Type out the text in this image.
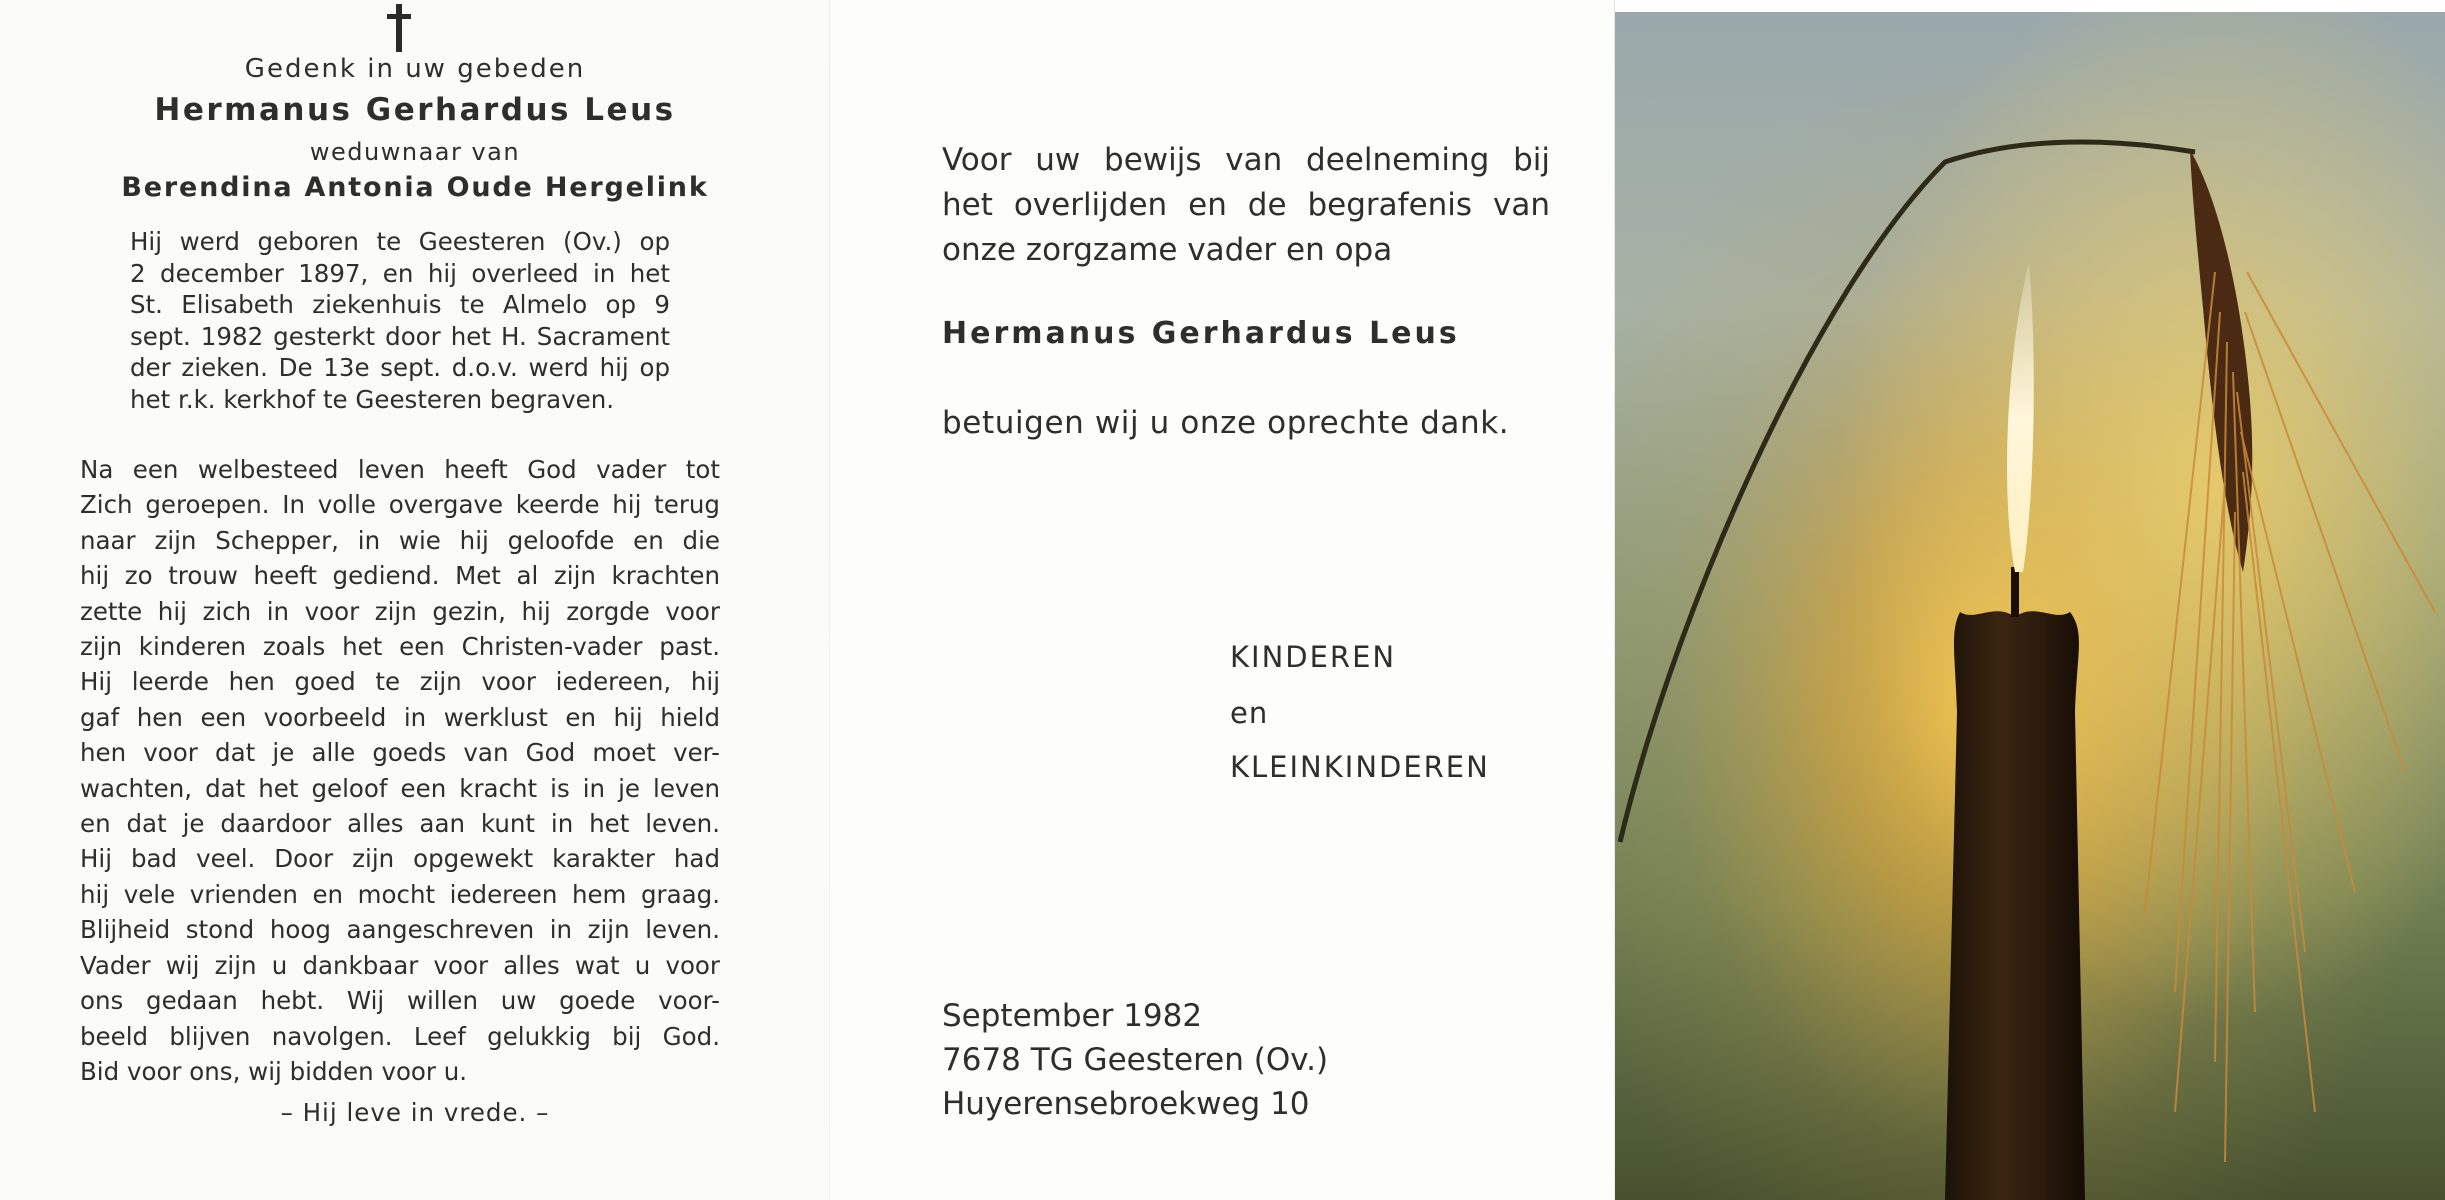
Gedenk in uw gebeden
Hermanus Gerhardus Leus
weduwnaar van
Berendina Antonia Oude Hergelink
Hij werd geboren te Geesteren (Ov.) op
2 december 1897, en hij overleed in het
St. Elisabeth ziekenhuis te Almelo op 9
sept. 1982 gesterkt door het H. Sacrament
der zieken. De 13e sept. d.o.v. werd hij op
het r.k. kerkhof te Geesteren begraven.
Na een welbesteed leven heeft God vader tot
Zich geroepen. In volle overgave keerde hij terug
naar zijn Schepper, in wie hij geloofde en die
hij zo trouw heeft gediend. Met al zijn krachten
zette hij zich in voor zijn gezin, hij zorgde voor
zijn kinderen zoals het een Christen-vader past.
Hij leerde hen goed te zijn voor iedereen, hij
gaf hen een voorbeeld in werklust en hij hield
hen voor dat je alle goeds van God moet ver-
wachten, dat het geloof een kracht is in je leven
en dat je daardoor alles aan kunt in het leven.
Hij bad veel. Door zijn opgewekt karakter had
hij vele vrienden en mocht iedereen hem graag.
Blijheid stond hoog aangeschreven in zijn leven.
Vader wij zijn u dankbaar voor alles wat u voor
ons gedaan hebt. Wij willen uw goede voor-
beeld blijven navolgen. Leef gelukkig bij God.
Bid voor ons, wij bidden voor u.
– Hij leve in vrede. –
Voor uw bewijs van deelneming bij
het overlijden en de begrafenis van
onze zorgzame vader en opa
Hermanus Gerhardus Leus
betuigen wij u onze oprechte dank.
KINDEREN
en
KLEINKINDEREN
September 1982
7678 TG Geesteren (Ov.)
Huyerensebroekweg 10
